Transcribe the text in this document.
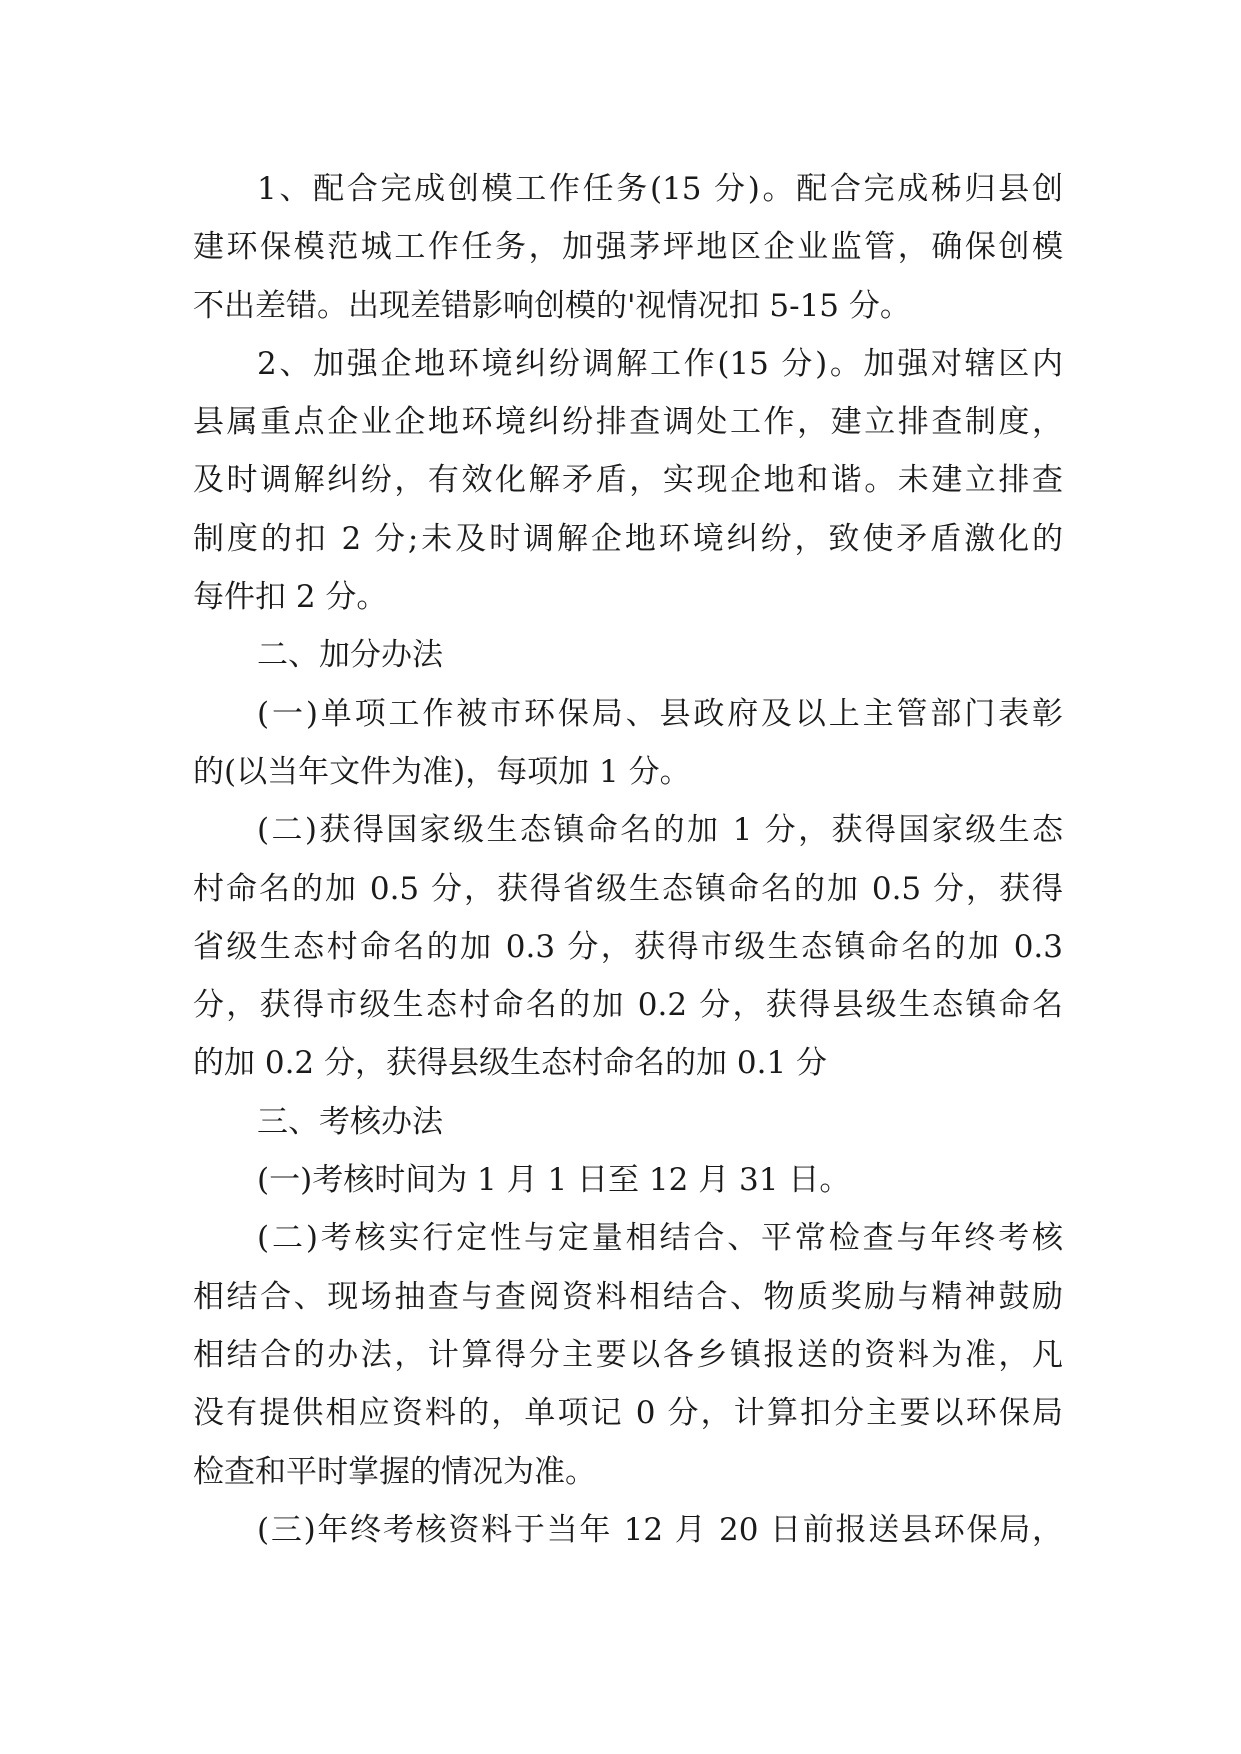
1、配合完成创模工作任务(15 分)。配合完成秭归县创
建环保模范城工作任务，加强茅坪地区企业监管，确保创模
不出差错。出现差错影响创模的'视情况扣 5-15 分。
2、加强企地环境纠纷调解工作(15 分)。加强对辖区内
县属重点企业企地环境纠纷排查调处工作，建立排查制度，
及时调解纠纷，有效化解矛盾，实现企地和谐。未建立排查
制度的扣 2 分;未及时调解企地环境纠纷，致使矛盾激化的
每件扣 2 分。
二、加分办法
(一)单项工作被市环保局、县政府及以上主管部门表彰
的(以当年文件为准)，每项加 1 分。
(二)获得国家级生态镇命名的加 1 分，获得国家级生态
村命名的加 0.5 分，获得省级生态镇命名的加 0.5 分，获得
省级生态村命名的加 0.3 分，获得市级生态镇命名的加 0.3
分，获得市级生态村命名的加 0.2 分，获得县级生态镇命名
的加 0.2 分，获得县级生态村命名的加 0.1 分
三、考核办法
(一)考核时间为 1 月 1 日至 12 月 31 日。
(二)考核实行定性与定量相结合、平常检查与年终考核
相结合、现场抽查与查阅资料相结合、物质奖励与精神鼓励
相结合的办法，计算得分主要以各乡镇报送的资料为准，凡
没有提供相应资料的，单项记 0 分，计算扣分主要以环保局
检查和平时掌握的情况为准。
(三)年终考核资料于当年 12 月 20 日前报送县环保局，
